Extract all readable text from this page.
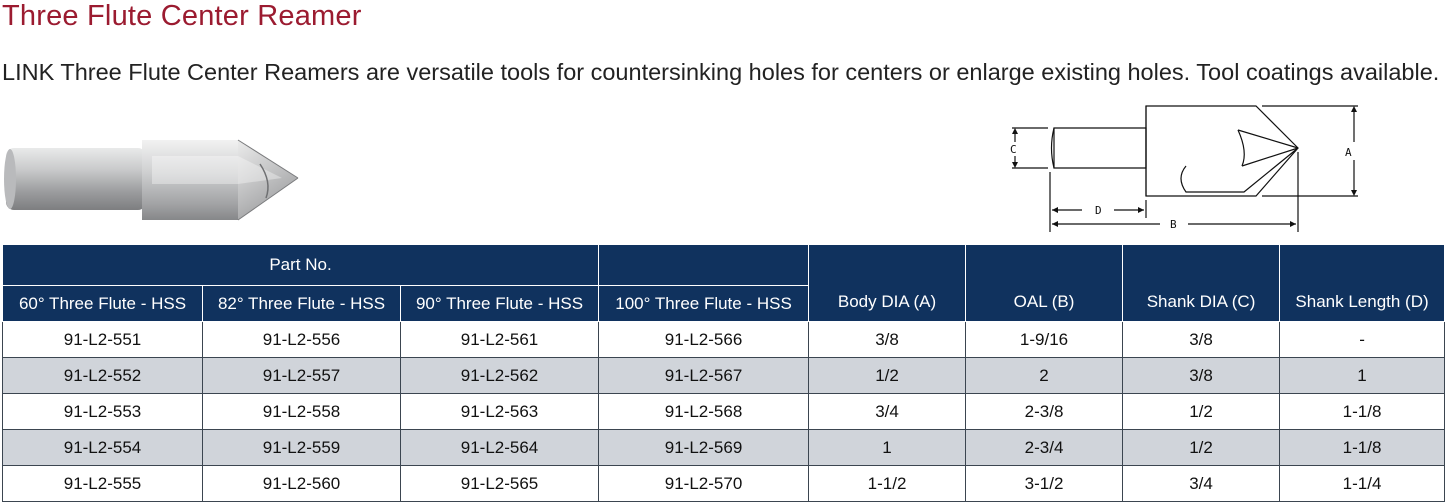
Three Flute Center Reamer
LINK Three Flute Center Reamers are versatile tools for countersinking holes for centers or enlarge existing holes. Tool coatings available.
C	A
D
B
Part No.				Body DIA (A)	OAL (B)	Shank DIA (C)	Shank Length (D)
60° Three Flute - HSS	82° Three Flute - HSS	90° Three Flute - HSS	100° Three Flute - HSS				
91-L2-551	91-L2-556	91-L2-561	91-L2-566	3/8	1-9/16	3/8	-
91-L2-552	91-L2-557	91-L2-562	91-L2-567	1/2	2	3/8	1
91-L2-553	91-L2-558	91-L2-563	91-L2-568	3/4	2-3/8	1/2	1-1/8
91-L2-554	91-L2-559	91-L2-564	91-L2-569	1	2-3/4	1/2	1-1/8
91-L2-555	91-L2-560	91-L2-565	91-L2-570	1-1/2	3-1/2	3/4	1-1/4
